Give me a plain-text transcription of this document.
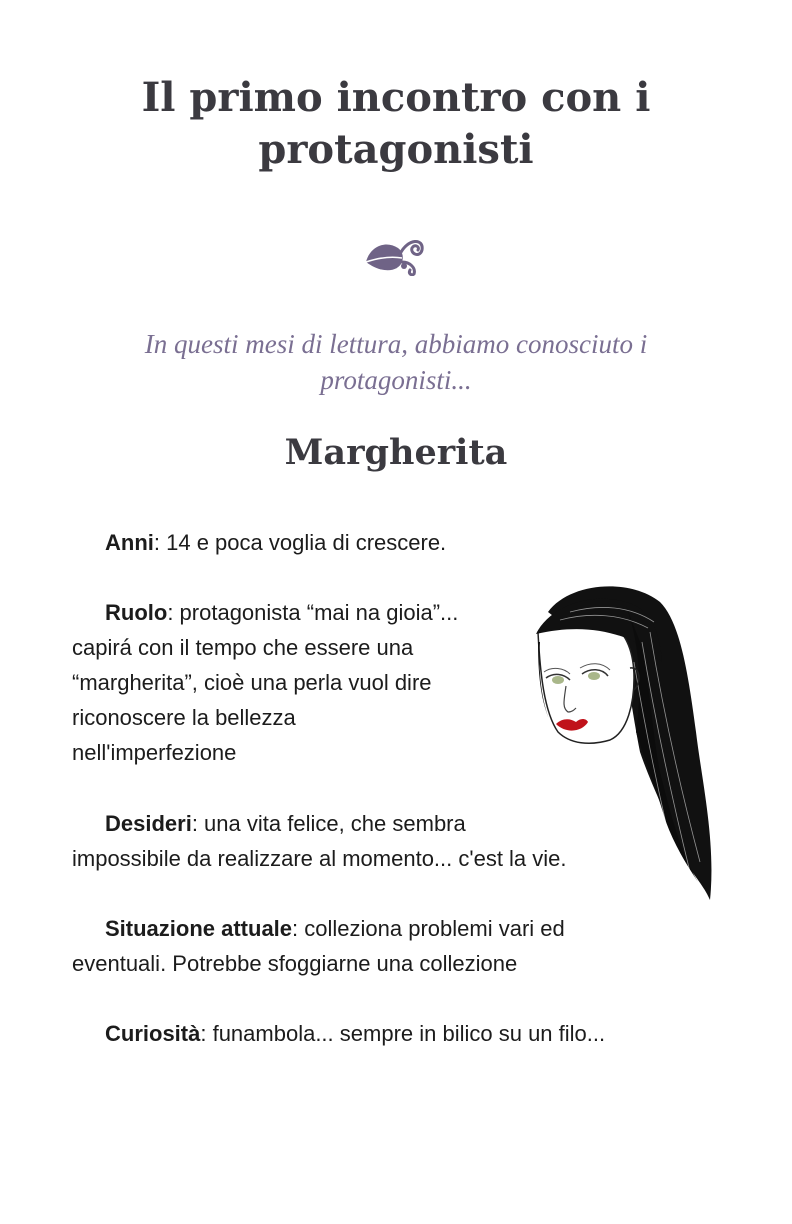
Il primo incontro con i protagonisti

In questi mesi di lettura, abbiamo conosciuto i protagonisti...

Margherita

Anni: 14 e poca voglia di crescere.

Ruolo: protagonista “mai na gioia”...
capirá con il tempo che essere una
“margherita”, cioè una perla vuol dire
riconoscere la bellezza
nell'imperfezione

Desideri: una vita felice, che sembra
impossibile da realizzare al momento... c'est la vie.

Situazione attuale: colleziona problemi vari ed
eventuali. Potrebbe sfoggiarne una collezione

Curiosità: funambola... sempre in bilico su un filo...
